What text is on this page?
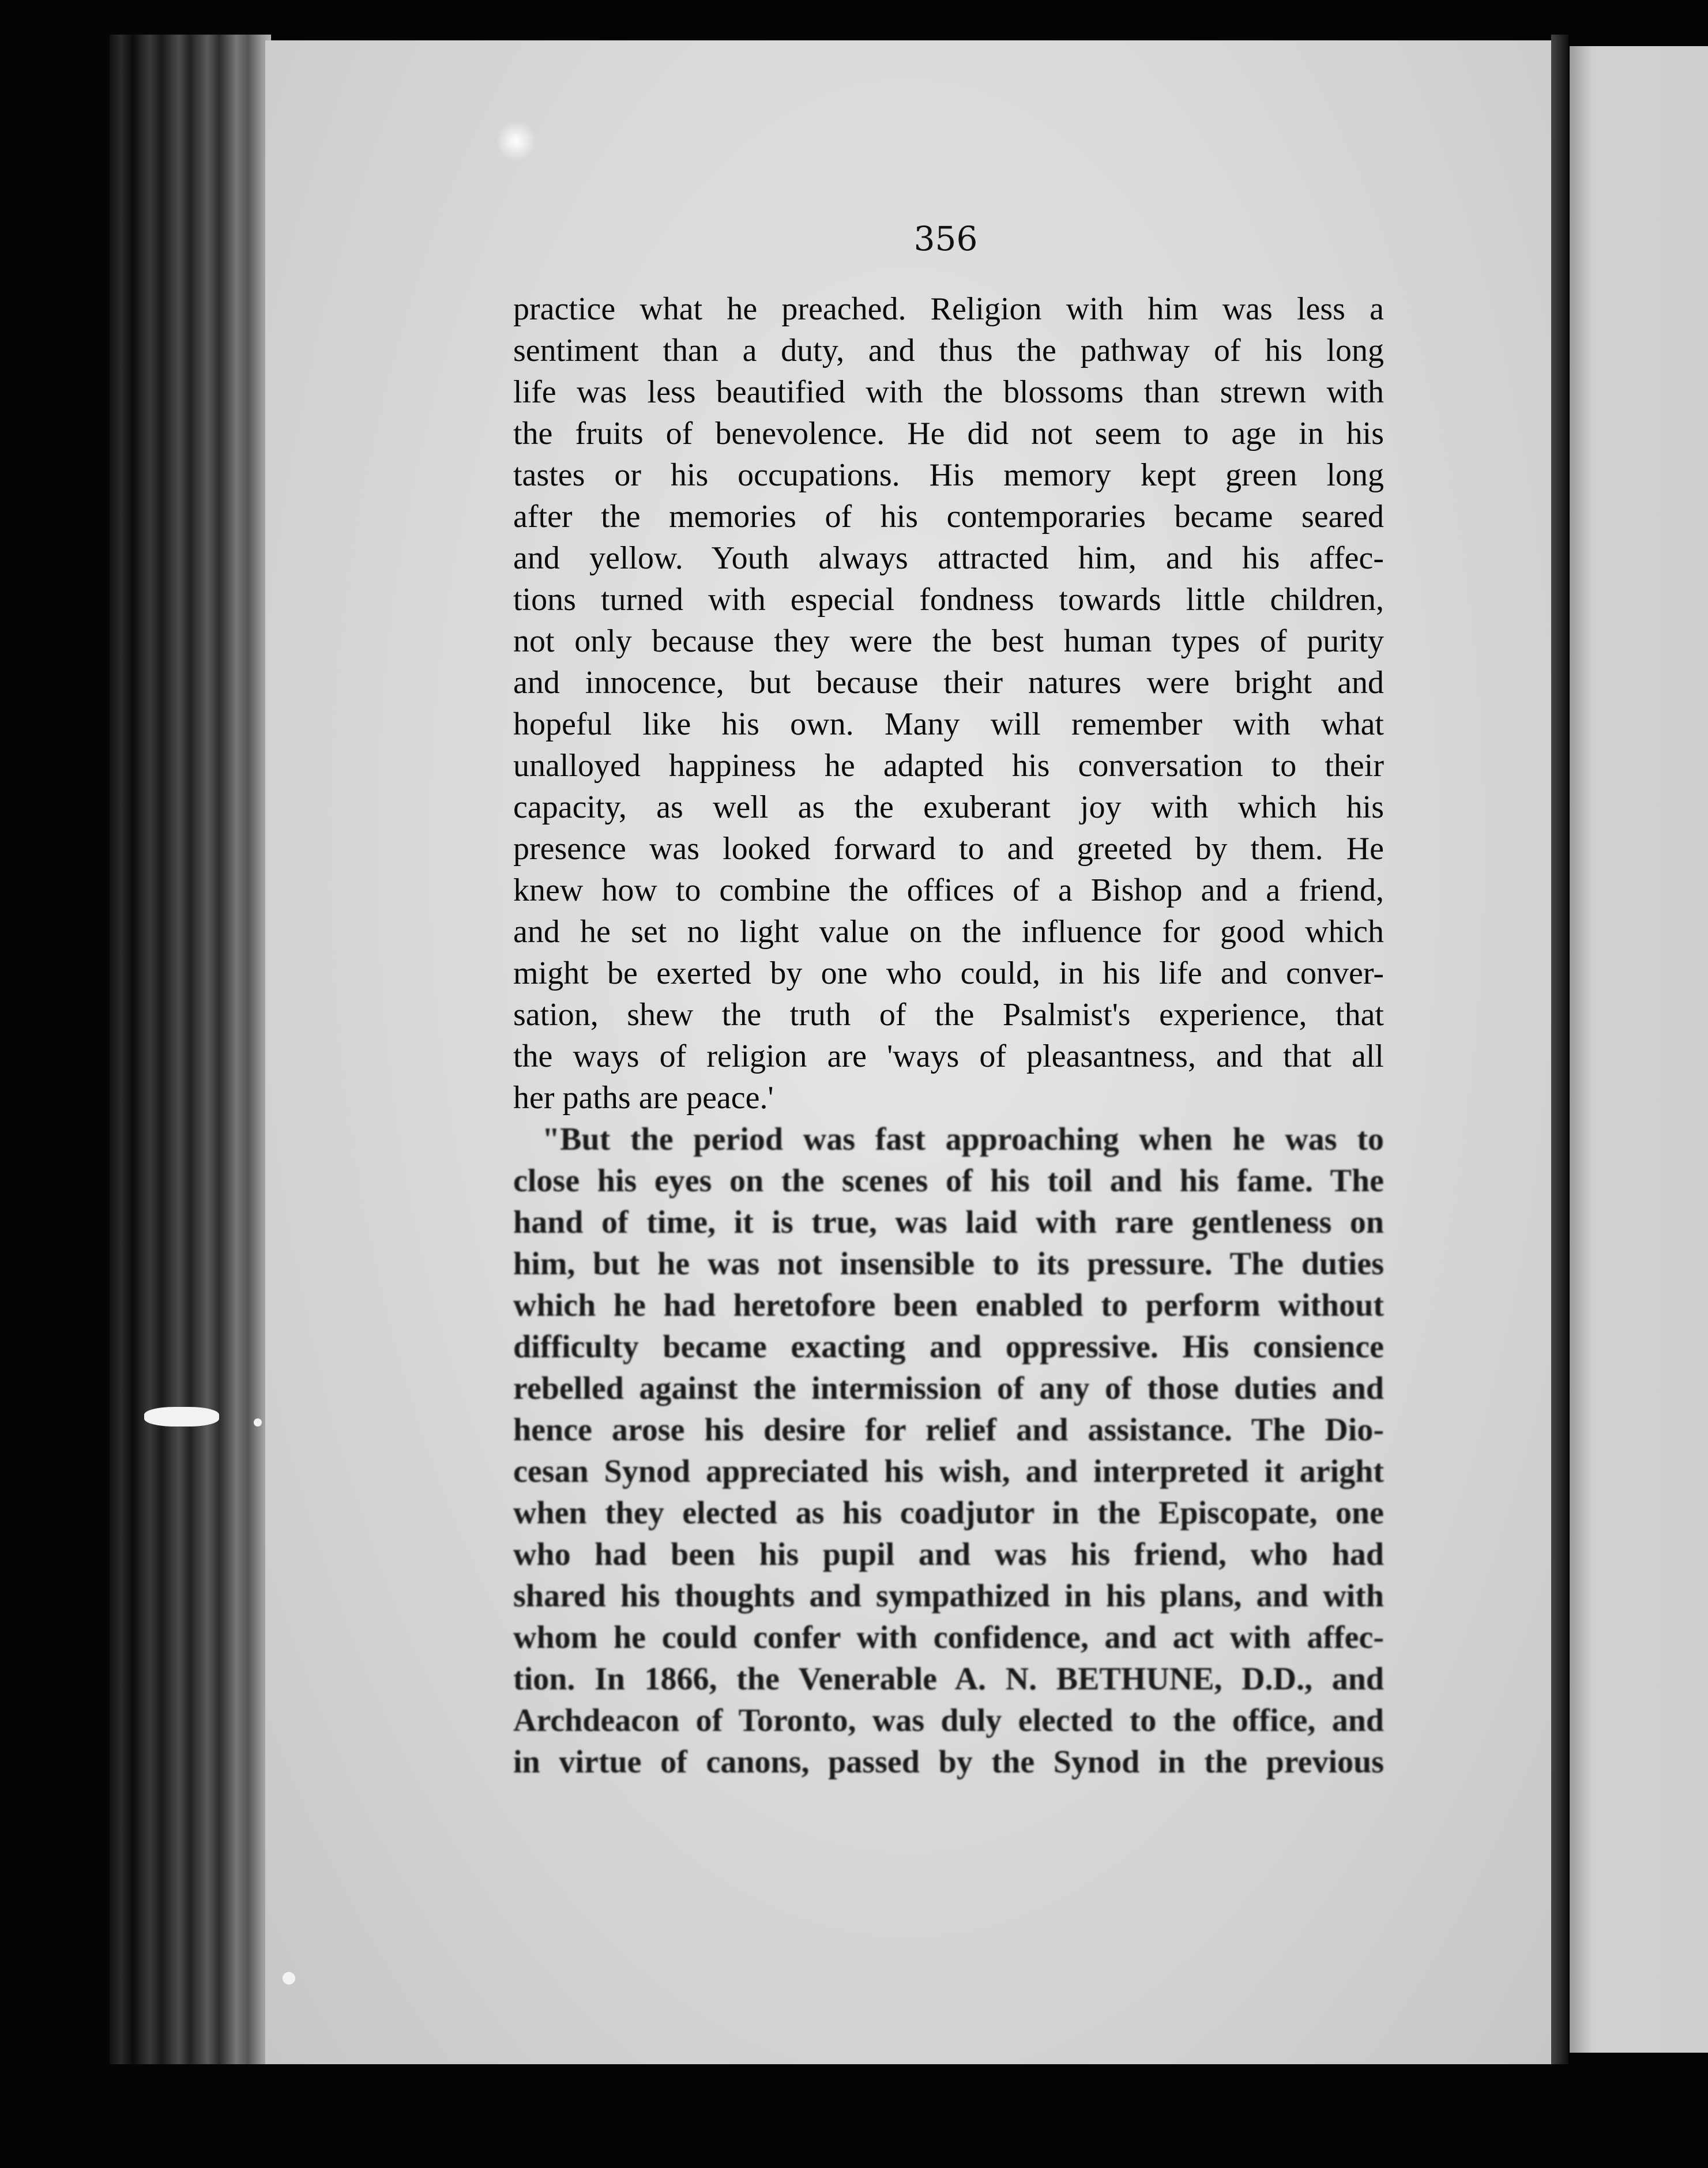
356
practice what he preached. Religion with him was less a
sentiment than a duty, and thus the pathway of his long
life was less beautified with the blossoms than strewn with
the fruits of benevolence. He did not seem to age in his
tastes or his occupations. His memory kept green long
after the memories of his contemporaries became seared
and yellow. Youth always attracted him, and his affec-
tions turned with especial fondness towards little children,
not only because they were the best human types of purity
and innocence, but because their natures were bright and
hopeful like his own. Many will remember with what
unalloyed happiness he adapted his conversation to their
capacity, as well as the exuberant joy with which his
presence was looked forward to and greeted by them. He
knew how to combine the offices of a Bishop and a friend,
and he set no light value on the influence for good which
might be exerted by one who could, in his life and conver-
sation, shew the truth of the Psalmist's experience, that
the ways of religion are 'ways of pleasantness, and that all
her paths are peace.'
"But the period was fast approaching when he was to
close his eyes on the scenes of his toil and his fame. The
hand of time, it is true, was laid with rare gentleness on
him, but he was not insensible to its pressure. The duties
which he had heretofore been enabled to perform without
difficulty became exacting and oppressive. His consience
rebelled against the intermission of any of those duties and
hence arose his desire for relief and assistance. The Dio-
cesan Synod appreciated his wish, and interpreted it aright
when they elected as his coadjutor in the Episcopate, one
who had been his pupil and was his friend, who had
shared his thoughts and sympathized in his plans, and with
whom he could confer with confidence, and act with affec-
tion. In 1866, the Venerable A. N. BETHUNE, D.D., and
Archdeacon of Toronto, was duly elected to the office, and
in virtue of canons, passed by the Synod in the previous
